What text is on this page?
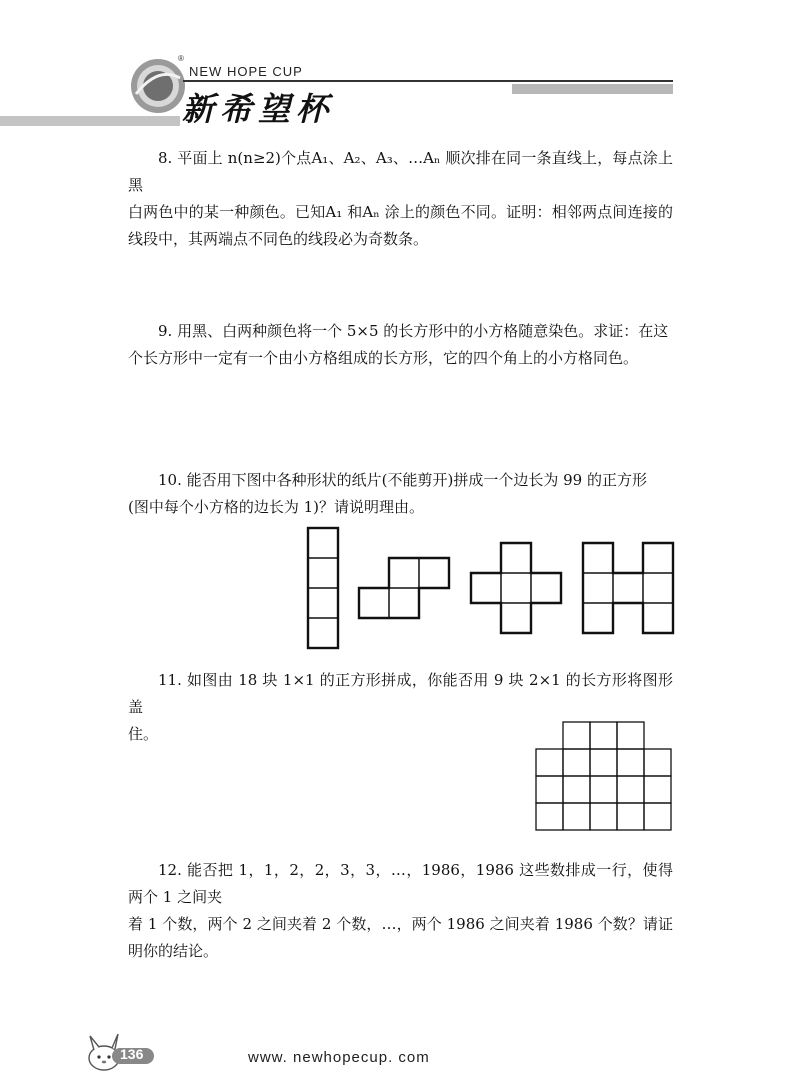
®
NEW HOPE CUP
新希望杯
8. 平面上 n(n≥2)个点A₁、A₂、A₃、…Aₙ 顺次排在同一条直线上，每点涂上黑
白两色中的某一种颜色。已知A₁ 和Aₙ 涂上的颜色不同。证明：相邻两点间连接的线段中，其两端点不同色的线段必为奇数条。
9. 用黑、白两种颜色将一个 5×5 的长方形中的小方格随意染色。求证：在这
个长方形中一定有一个由小方格组成的长方形，它的四个角上的小方格同色。
10. 能否用下图中各种形状的纸片(不能剪开)拼成一个边长为 99 的正方形
(图中每个小方格的边长为 1)？请说明理由。
11. 如图由 18 块 1×1 的正方形拼成，你能否用 9 块 2×1 的长方形将图形盖
住。
12. 能否把 1，1，2，2，3，3，…，1986，1986 这些数排成一行，使得两个 1 之间夹
着 1 个数，两个 2 之间夹着 2 个数，…，两个 1986 之间夹着 1986 个数？请证明你的结论。
136	www. newhopecup. com
